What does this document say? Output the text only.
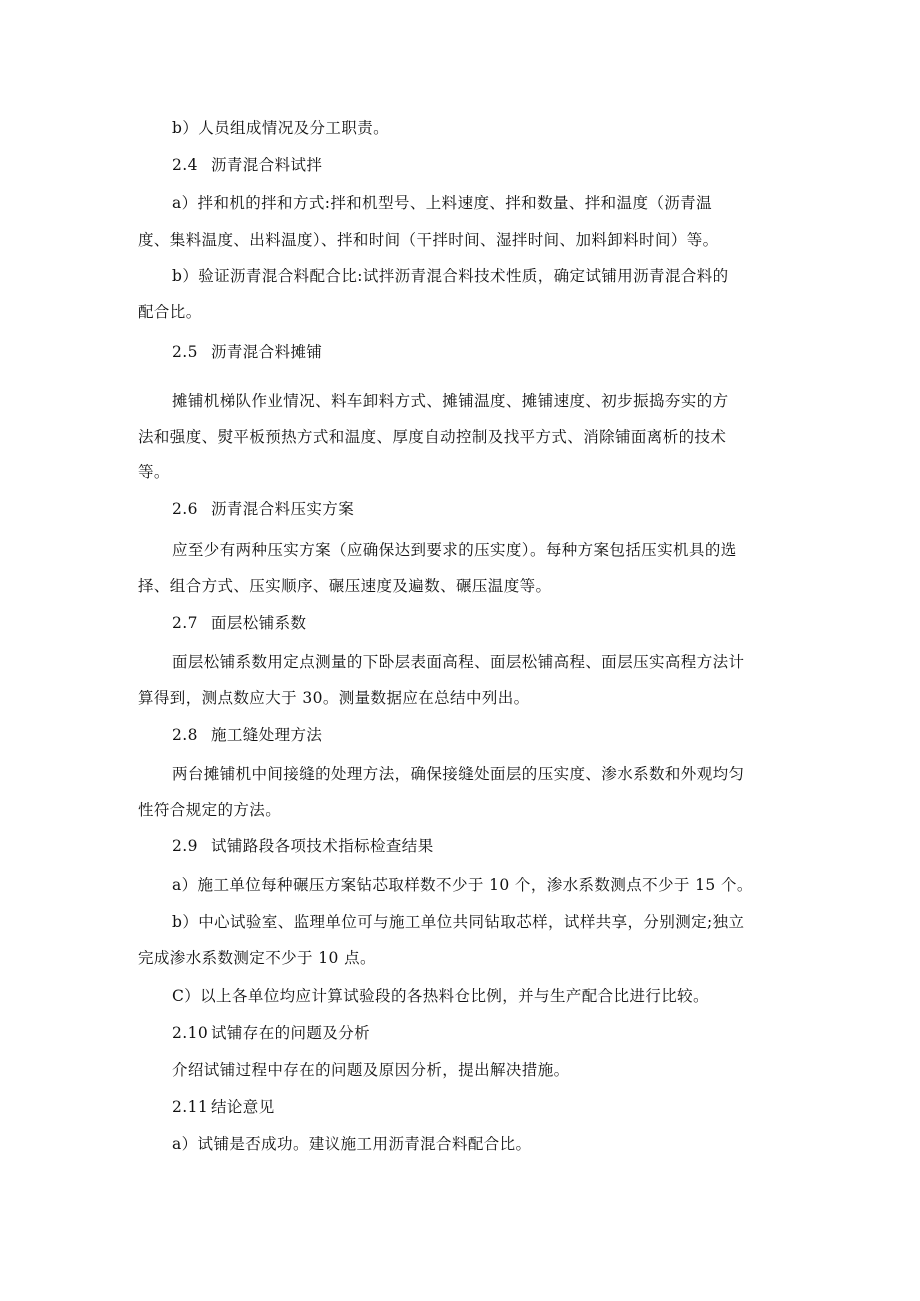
b）人员组成情况及分工职责。
2.4 沥青混合料试拌
a）拌和机的拌和方式:拌和机型号、上料速度、拌和数量、拌和温度（沥青温
度、集料温度、出料温度）、拌和时间（干拌时间、湿拌时间、加料卸料时间）等。
b）验证沥青混合料配合比:试拌沥青混合料技术性质，确定试铺用沥青混合料的
配合比。
2.5 沥青混合料摊铺
摊铺机梯队作业情况、料车卸料方式、摊铺温度、摊铺速度、初步振捣夯实的方
法和强度、熨平板预热方式和温度、厚度自动控制及找平方式、消除铺面离析的技术
等。
2.6 沥青混合料压实方案
应至少有两种压实方案（应确保达到要求的压实度）。每种方案包括压实机具的选
择、组合方式、压实顺序、碾压速度及遍数、碾压温度等。
2.7 面层松铺系数
面层松铺系数用定点测量的下卧层表面高程、面层松铺高程、面层压实高程方法计
算得到，测点数应大于 30。测量数据应在总结中列出。
2.8 施工缝处理方法
两台摊铺机中间接缝的处理方法，确保接缝处面层的压实度、渗水系数和外观均匀
性符合规定的方法。
2.9 试铺路段各项技术指标检查结果
a）施工单位每种碾压方案钻芯取样数不少于 10 个，渗水系数测点不少于 15 个。
b）中心试验室、监理单位可与施工单位共同钻取芯样，试样共享，分别测定;独立
完成渗水系数测定不少于 10 点。
C）以上各单位均应计算试验段的各热料仓比例，并与生产配合比进行比较。
2.10 试铺存在的问题及分析
介绍试铺过程中存在的问题及原因分析，提出解决措施。
2.11 结论意见
a）试铺是否成功。建议施工用沥青混合料配合比。
